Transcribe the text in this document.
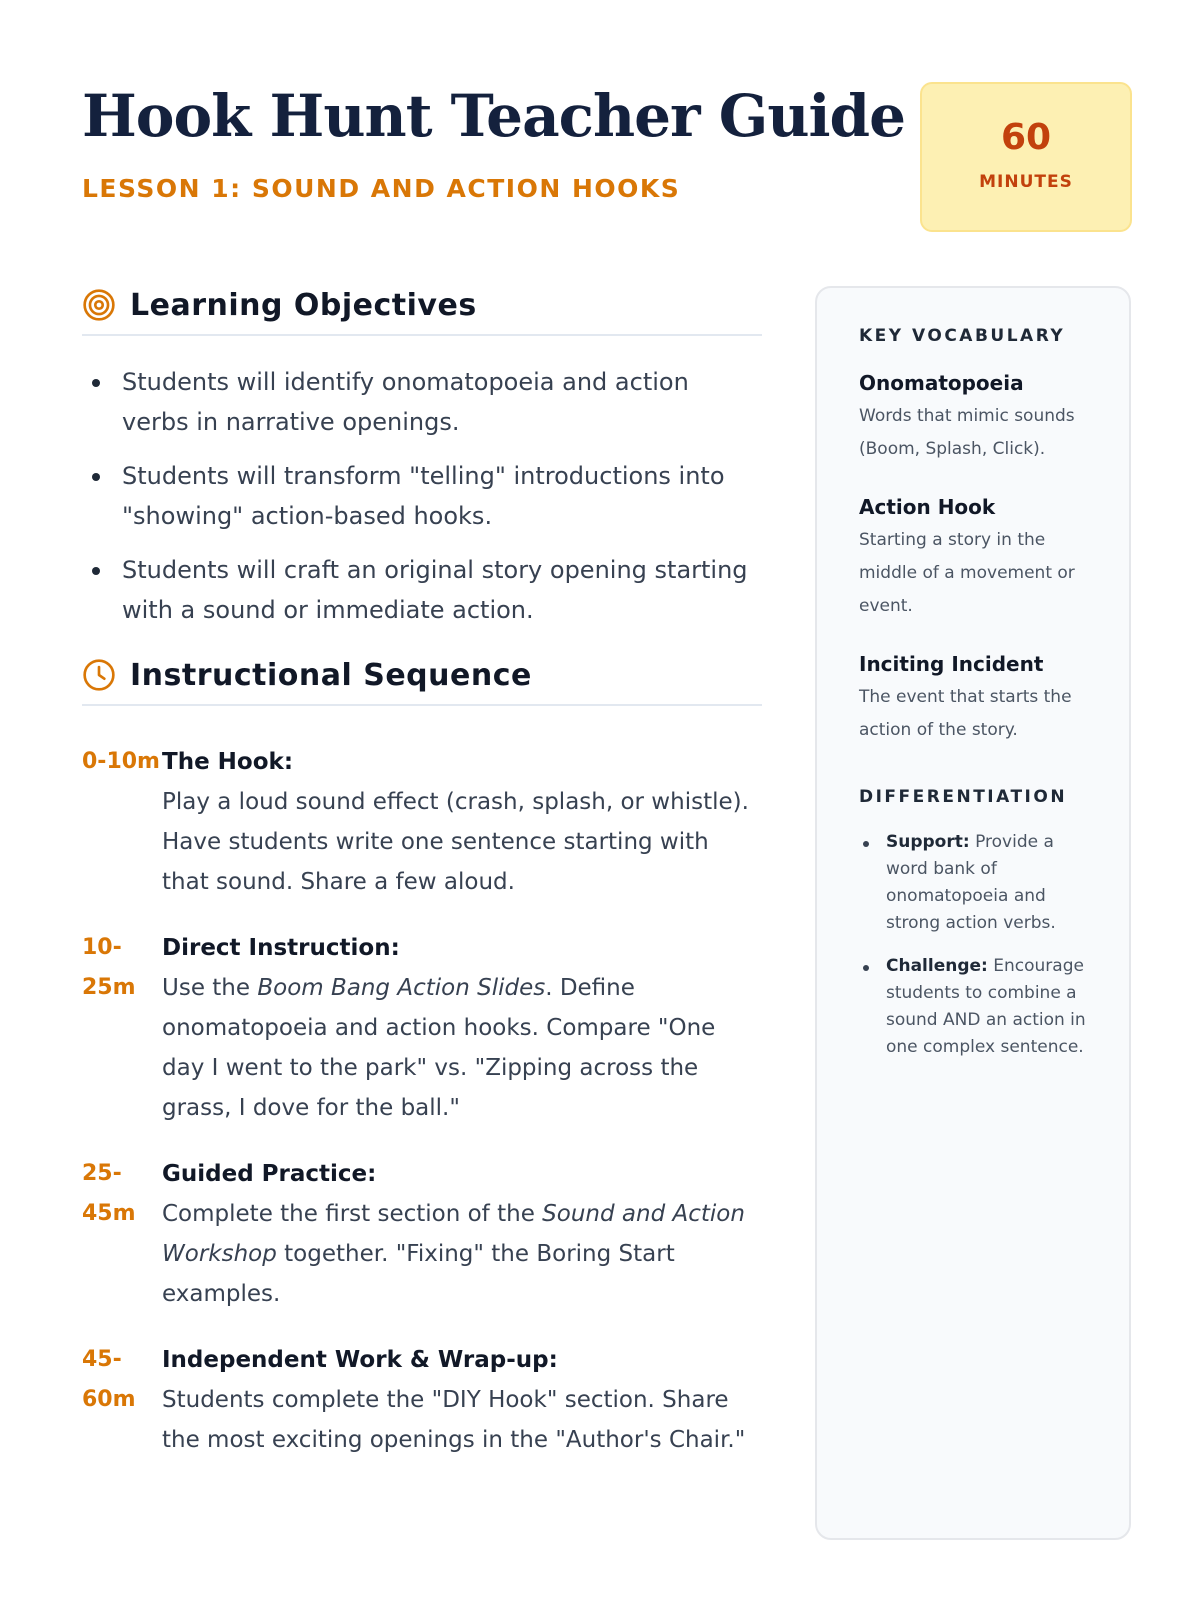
Hook Hunt Teacher Guide
LESSON 1: SOUND AND ACTION HOOKS
60
MINUTES
Learning Objectives
Students will identify onomatopoeia and action verbs in narrative openings.
Students will transform "telling" introductions into "showing" action-based hooks.
Students will craft an original story opening starting with a sound or immediate action.
Instructional Sequence
0-10m The Hook:
Play a loud sound effect (crash, splash, or whistle). Have students write one sentence starting with that sound. Share a few aloud.
10-25m
Direct Instruction:
Use the Boom Bang Action Slides. Define onomatopoeia and action hooks. Compare "One day I went to the park" vs. "Zipping across the grass, I dove for the ball."
25-45m
Guided Practice:
Complete the first section of the Sound and Action Workshop together. "Fixing" the Boring Start examples.
45-60m
Independent Work & Wrap-up:
Students complete the "DIY Hook" section. Share the most exciting openings in the "Author's Chair."
KEY VOCABULARY
Onomatopoeia
Words that mimic sounds (Boom, Splash, Click).
Action Hook
Starting a story in the middle of a movement or event.
Inciting Incident
The event that starts the action of the story.
DIFFERENTIATION
Support: Provide a word bank of onomatopoeia and strong action verbs.
Challenge: Encourage students to combine a sound AND an action in one complex sentence.
